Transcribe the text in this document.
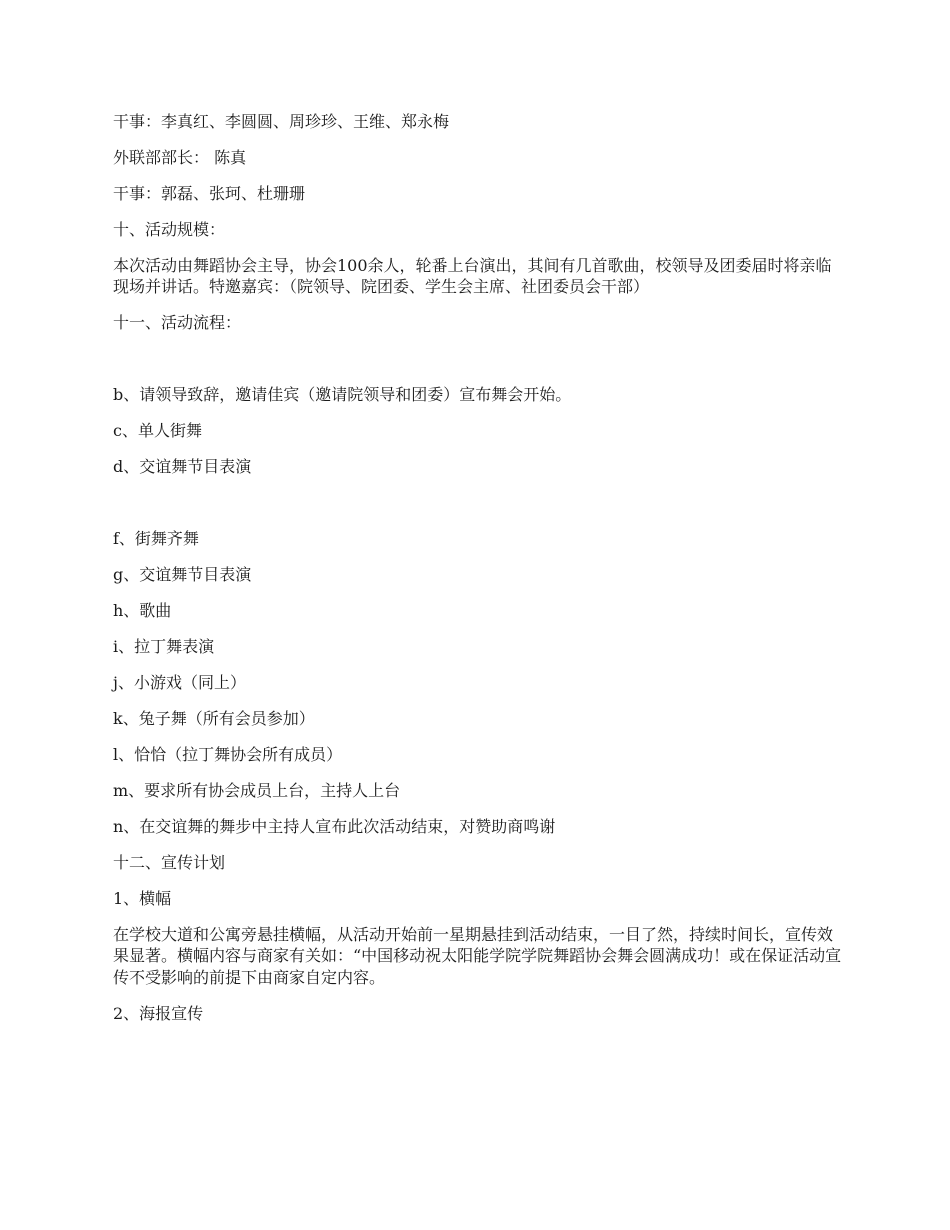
干事：李真红、李圆圆、周珍珍、王维、郑永梅

外联部部长： 陈真

干事：郭磊、张珂、杜珊珊

十、活动规模：

本次活动由舞蹈协会主导，协会100余人，轮番上台演出，其间有几首歌曲，校领导及团委届时将亲临现场并讲话。特邀嘉宾：（院领导、院团委、学生会主席、社团委员会干部）

十一、活动流程：

b、请领导致辞，邀请佳宾（邀请院领导和团委）宣布舞会开始。

c、单人街舞

d、交谊舞节目表演

f、街舞齐舞

g、交谊舞节目表演

h、歌曲

i、拉丁舞表演

j、小游戏（同上）

k、兔子舞（所有会员参加）

l、恰恰（拉丁舞协会所有成员）

m、要求所有协会成员上台，主持人上台

n、在交谊舞的舞步中主持人宣布此次活动结束，对赞助商鸣谢

十二、宣传计划

1、横幅

在学校大道和公寓旁悬挂横幅，从活动开始前一星期悬挂到活动结束，一目了然，持续时间长，宣传效果显著。横幅内容与商家有关如：“中国移动祝太阳能学院学院舞蹈协会舞会圆满成功！或在保证活动宣传不受影响的前提下由商家自定内容。

2、海报宣传
